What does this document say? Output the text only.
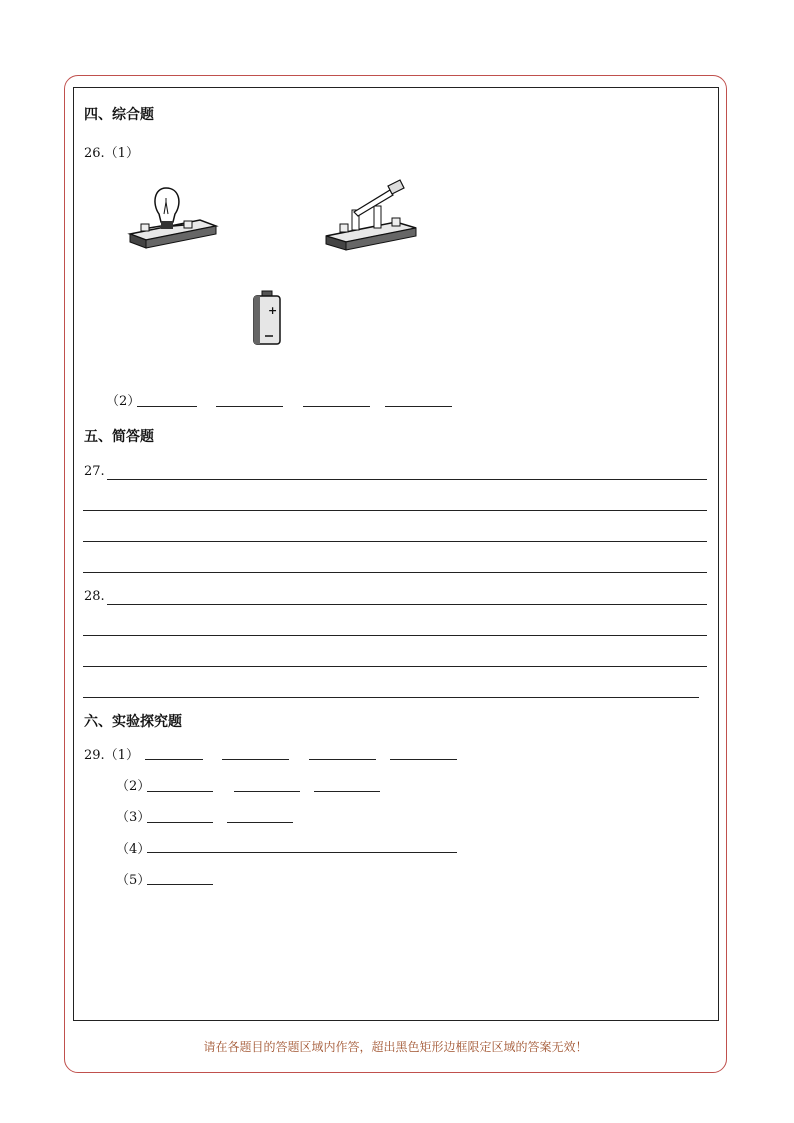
四、综合题
26.（1）
+
（2）
五、简答题
27.
28.
六、实验探究题
29.（1）
（2）
（3）
（4）
（5）
请在各题目的答题区域内作答，超出黑色矩形边框限定区域的答案无效！
